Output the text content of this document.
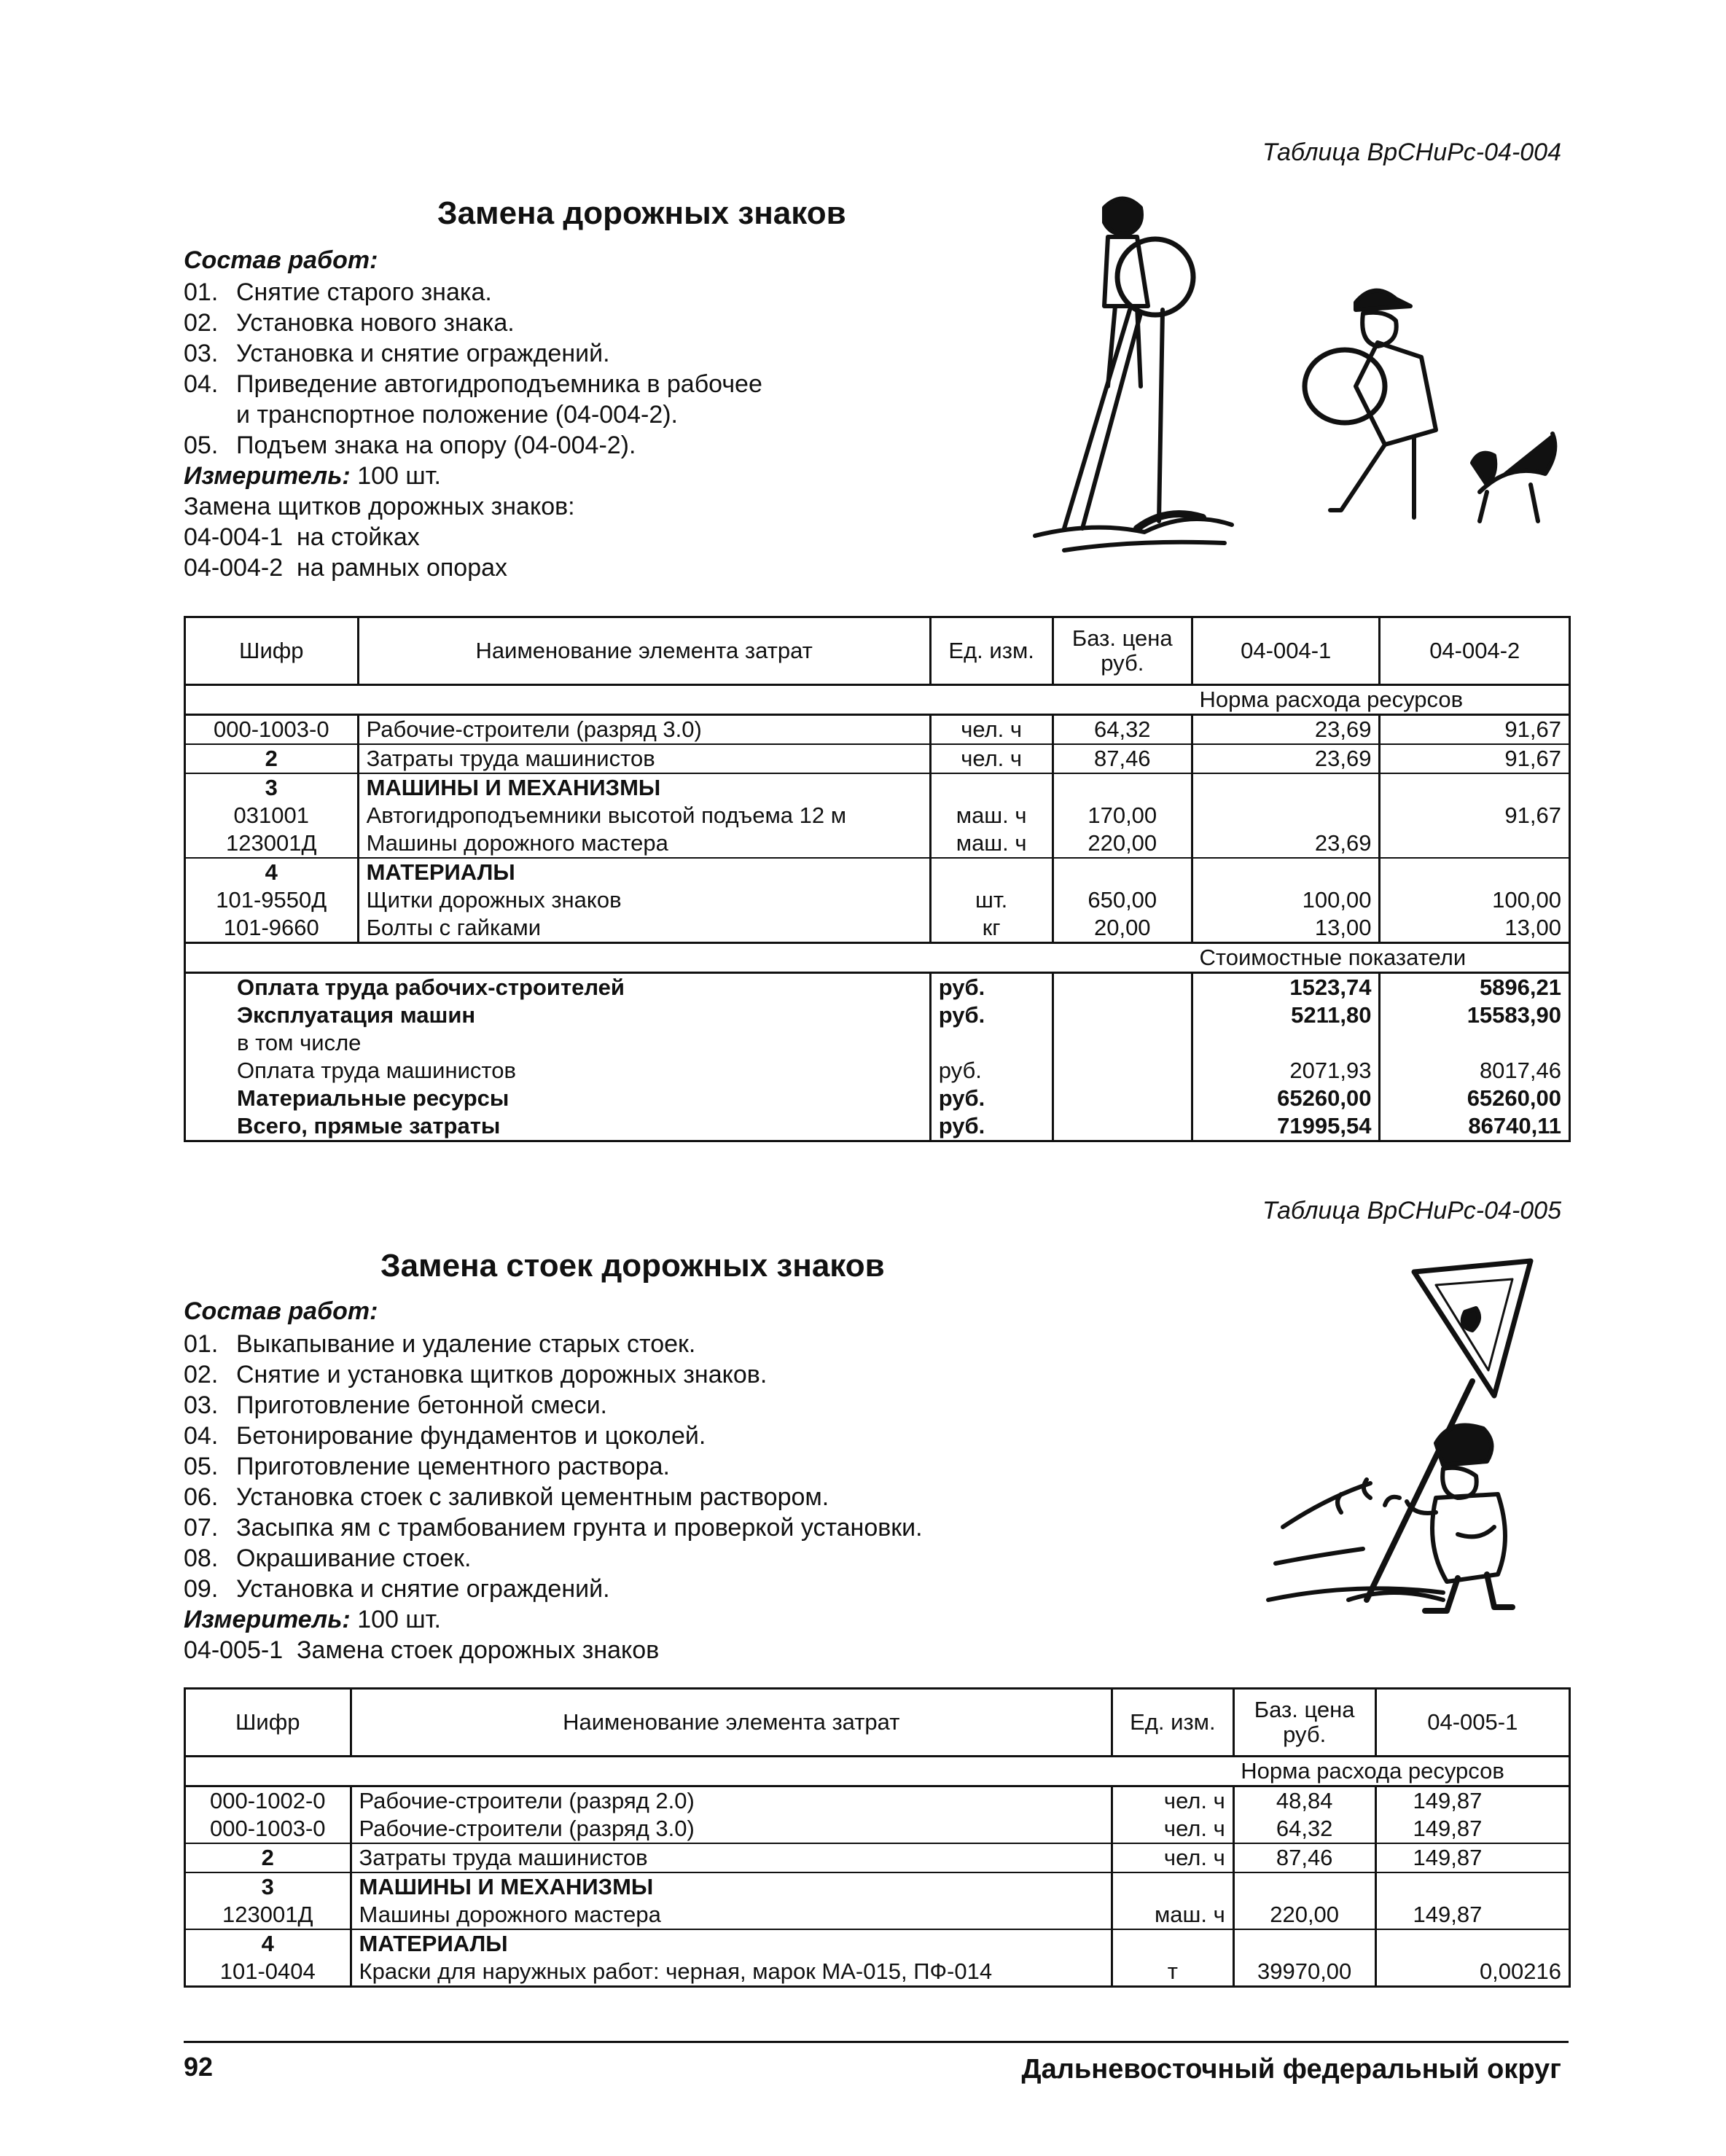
Таблица ВрСНиРс-04-004
Замена дорожных знаков
Состав работ:
01. Снятие старого знака.
02. Установка нового знака.
03. Установка и снятие ограждений.
04. Приведение автогидроподъемника в рабочее
и транспортное положение (04-004-2).
05. Подъем знака на опору (04-004-2).
Измеритель: 100 шт.
Замена щитков дорожных знаков:
04-004-1  на стойках
04-004-2  на рамных опорах
Шифр	Наименование элемента затрат	Ед. изм.	Баз. цена руб.	04-004-1	04-004-2
				Норма расхода ресурсов	
000-1003-0	Рабочие-строители (разряд 3.0)	чел. ч	64,32	23,69	91,67
2	Затраты труда машинистов	чел. ч	87,46	23,69	91,67
3	МАШИНЫ И МЕХАНИЗМЫ				
031001	Автогидроподъемники высотой подъема 12 м	маш. ч	170,00		91,67
123001Д	Машины дорожного мастера	маш. ч	220,00	23,69	
4	МАТЕРИАЛЫ				
101-9550Д	Щитки дорожных знаков	шт.	650,00	100,00	100,00
101-9660	Болты с гайками	кг	20,00	13,00	13,00
				Стоимостные показатели	
Оплата труда рабочих-строителей		руб.		1523,74	5896,21
Эксплуатация машин		руб.		5211,80	15583,90
в том числе					
Оплата труда машинистов		руб.		2071,93	8017,46
Материальные ресурсы		руб.		65260,00	65260,00
Всего, прямые затраты		руб.		71995,54	86740,11
Таблица ВрСНиРс-04-005
Замена стоек дорожных знаков
Состав работ:
01. Выкапывание и удаление старых стоек.
02. Снятие и установка щитков дорожных знаков.
03. Приготовление бетонной смеси.
04. Бетонирование фундаментов и цоколей.
05. Приготовление цементного раствора.
06. Установка стоек с заливкой цементным раствором.
07. Засыпка ям с трамбованием грунта и проверкой установки.
08. Окрашивание стоек.
09. Установка и снятие ограждений.
Измеритель: 100 шт.
04-005-1  Замена стоек дорожных знаков
Шифр	Наименование элемента затрат	Ед. изм.	Баз. цена руб.	04-005-1
			Норма расхода ресурсов	
000-1002-0	Рабочие-строители (разряд 2.0)	чел. ч	48,84	149,87
000-1003-0	Рабочие-строители (разряд 3.0)	чел. ч	64,32	149,87
2	Затраты труда машинистов	чел. ч	87,46	149,87
3	МАШИНЫ И МЕХАНИЗМЫ			
123001Д	Машины дорожного мастера	маш. ч	220,00	149,87
4	МАТЕРИАЛЫ			
101-0404	Краски для наружных работ: черная, марок МА-015, ПФ-014	т	39970,00	0,00216
92	Дальневосточный федеральный округ
